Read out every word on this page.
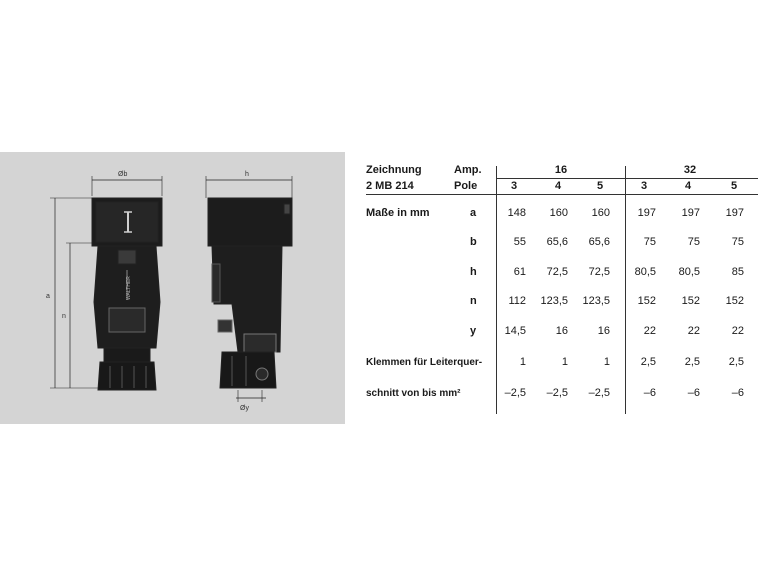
Øb	h
a
n
Øy
WALTHER
Zeichnung
2 MB 214
Amp.
Pole
16	32
3	4	5	3	4	5
Maße in mm	a	148	160	160	197	197	197
b	55	65,6	65,6	75	75	75
h	61	72,5	72,5	80,5	80,5	85
n	112	123,5	123,5	152	152	152
y	14,5	16	16	22	22	22
Klemmen für Leiterquer-	1	1	1	2,5	2,5	2,5
schnitt von bis mm²	–2,5	–2,5	–2,5	–6	–6	–6
